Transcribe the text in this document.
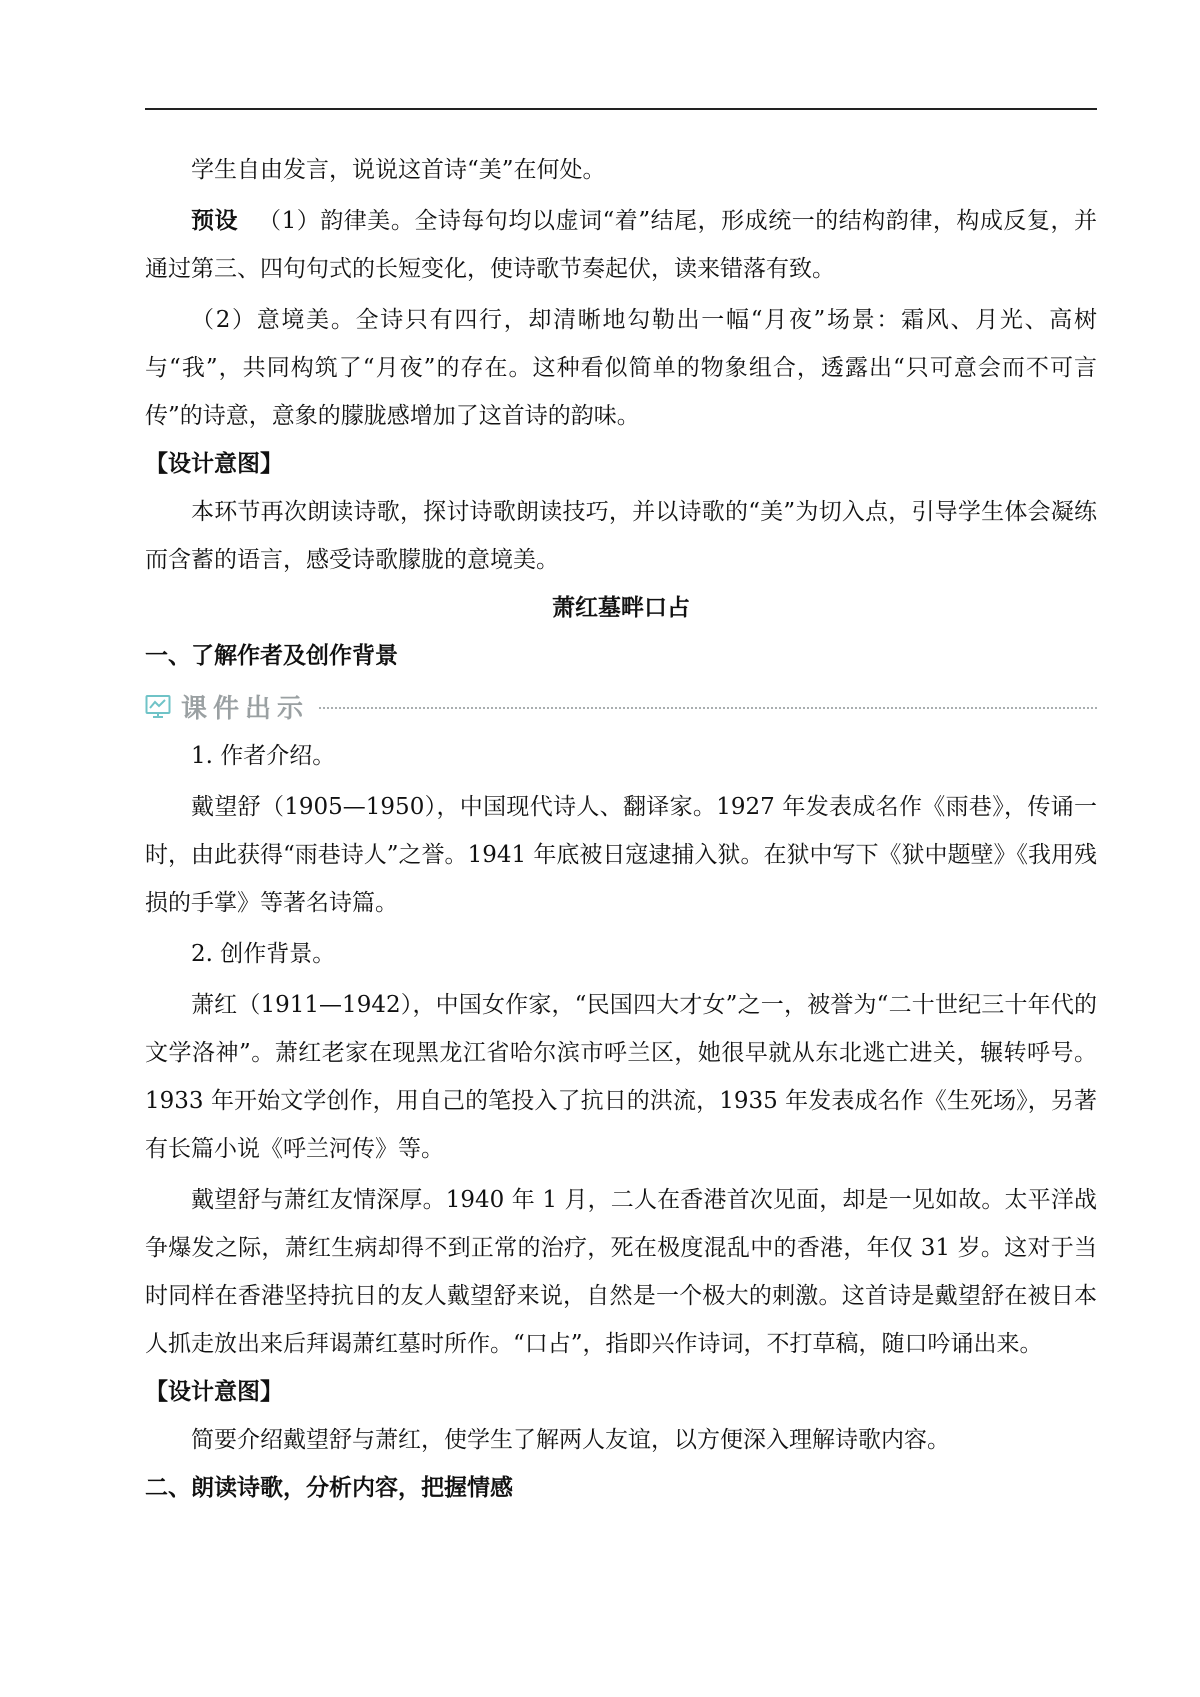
学生自由发言，说说这首诗“美”在何处。

预设 （1）韵律美。全诗每句均以虚词“着”结尾，形成统一的结构韵律，构成反复，并通过第三、四句句式的长短变化，使诗歌节奏起伏，读来错落有致。

（2）意境美。全诗只有四行，却清晰地勾勒出一幅“月夜”场景：霜风、月光、高树与“我”，共同构筑了“月夜”的存在。这种看似简单的物象组合，透露出“只可意会而不可言传”的诗意，意象的朦胧感增加了这首诗的韵味。

【设计意图】

本环节再次朗读诗歌，探讨诗歌朗读技巧，并以诗歌的“美”为切入点，引导学生体会凝练而含蓄的语言，感受诗歌朦胧的意境美。

萧红墓畔口占
一、了解作者及创作背景
课件出示

1. 作者介绍。

戴望舒（1905—1950），中国现代诗人、翻译家。1927 年发表成名作《雨巷》，传诵一时，由此获得“雨巷诗人”之誉。1941 年底被日寇逮捕入狱。在狱中写下《狱中题壁》《我用残损的手掌》等著名诗篇。

2. 创作背景。

萧红（1911—1942），中国女作家，“民国四大才女”之一，被誉为“二十世纪三十年代的文学洛神”。萧红老家在现黑龙江省哈尔滨市呼兰区，她很早就从东北逃亡进关，辗转呼号。1933 年开始文学创作，用自己的笔投入了抗日的洪流，1935 年发表成名作《生死场》，另著有长篇小说《呼兰河传》等。

戴望舒与萧红友情深厚。1940 年 1 月，二人在香港首次见面，却是一见如故。太平洋战争爆发之际，萧红生病却得不到正常的治疗，死在极度混乱中的香港，年仅 31 岁。这对于当时同样在香港坚持抗日的友人戴望舒来说，自然是一个极大的刺激。这首诗是戴望舒在被日本人抓走放出来后拜谒萧红墓时所作。“口占”，指即兴作诗词，不打草稿，随口吟诵出来。

【设计意图】

简要介绍戴望舒与萧红，使学生了解两人友谊，以方便深入理解诗歌内容。

二、朗读诗歌，分析内容，把握情感
